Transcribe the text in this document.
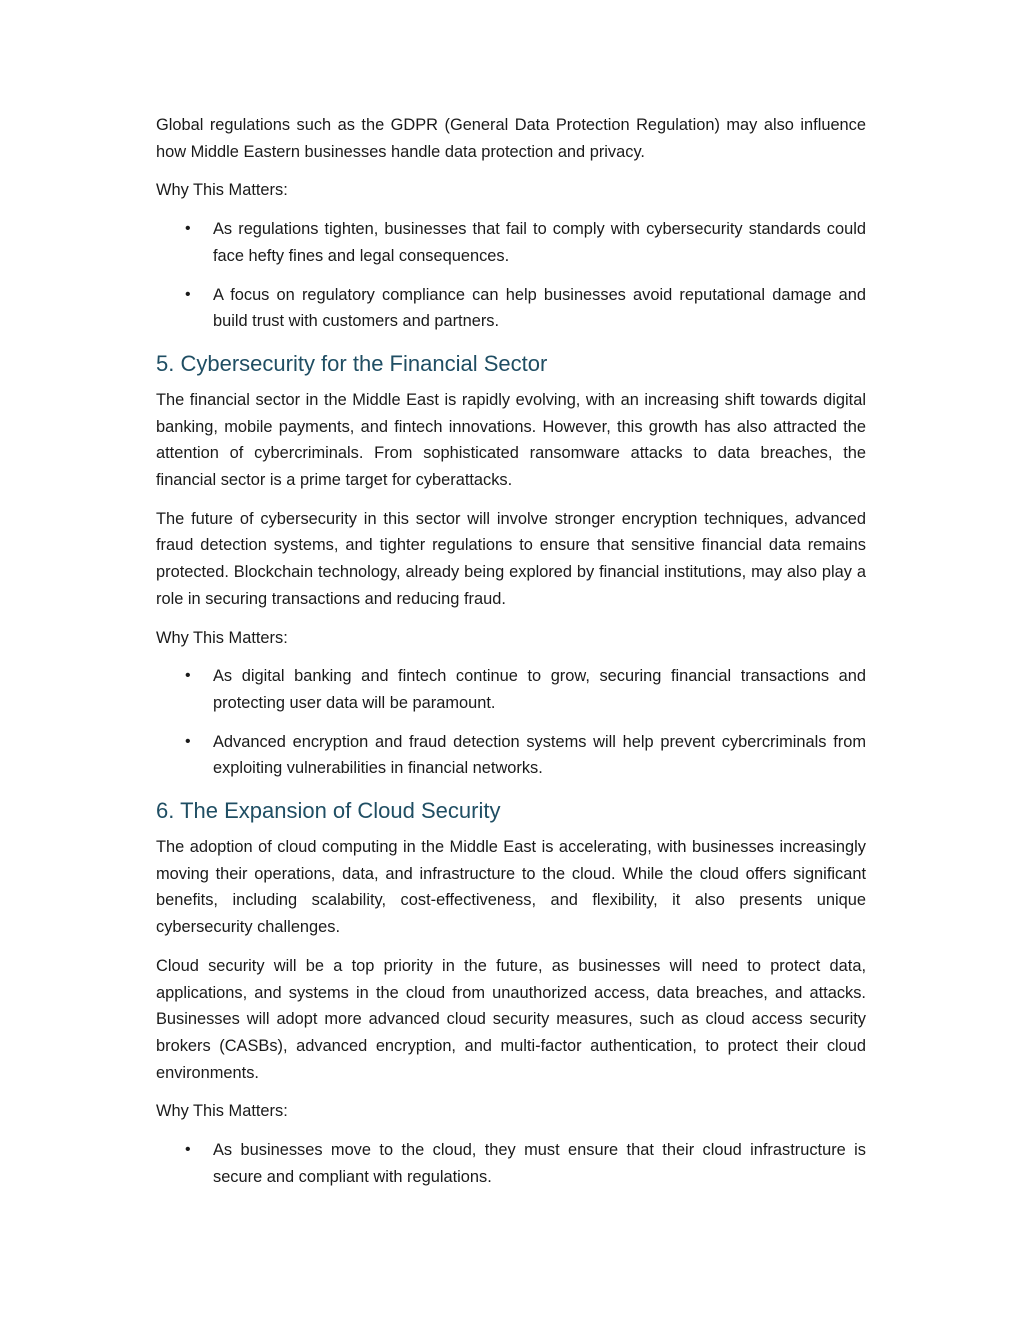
Global regulations such as the GDPR (General Data Protection Regulation) may also influence how Middle Eastern businesses handle data protection and privacy.

Why This Matters:
• As regulations tighten, businesses that fail to comply with cybersecurity standards could face hefty fines and legal consequences.
• A focus on regulatory compliance can help businesses avoid reputational damage and build trust with customers and partners.
5. Cybersecurity for the Financial Sector

The financial sector in the Middle East is rapidly evolving, with an increasing shift towards digital banking, mobile payments, and fintech innovations. However, this growth has also attracted the attention of cybercriminals. From sophisticated ransomware attacks to data breaches, the financial sector is a prime target for cyberattacks.

The future of cybersecurity in this sector will involve stronger encryption techniques, advanced fraud detection systems, and tighter regulations to ensure that sensitive financial data remains protected. Blockchain technology, already being explored by financial institutions, may also play a role in securing transactions and reducing fraud.

Why This Matters:
• As digital banking and fintech continue to grow, securing financial transactions and protecting user data will be paramount.
• Advanced encryption and fraud detection systems will help prevent cybercriminals from exploiting vulnerabilities in financial networks.
6. The Expansion of Cloud Security

The adoption of cloud computing in the Middle East is accelerating, with businesses increasingly moving their operations, data, and infrastructure to the cloud. While the cloud offers significant benefits, including scalability, cost-effectiveness, and flexibility, it also presents unique cybersecurity challenges.

Cloud security will be a top priority in the future, as businesses will need to protect data, applications, and systems in the cloud from unauthorized access, data breaches, and attacks. Businesses will adopt more advanced cloud security measures, such as cloud access security brokers (CASBs), advanced encryption, and multi-factor authentication, to protect their cloud environments.

Why This Matters:
• As businesses move to the cloud, they must ensure that their cloud infrastructure is secure and compliant with regulations.
